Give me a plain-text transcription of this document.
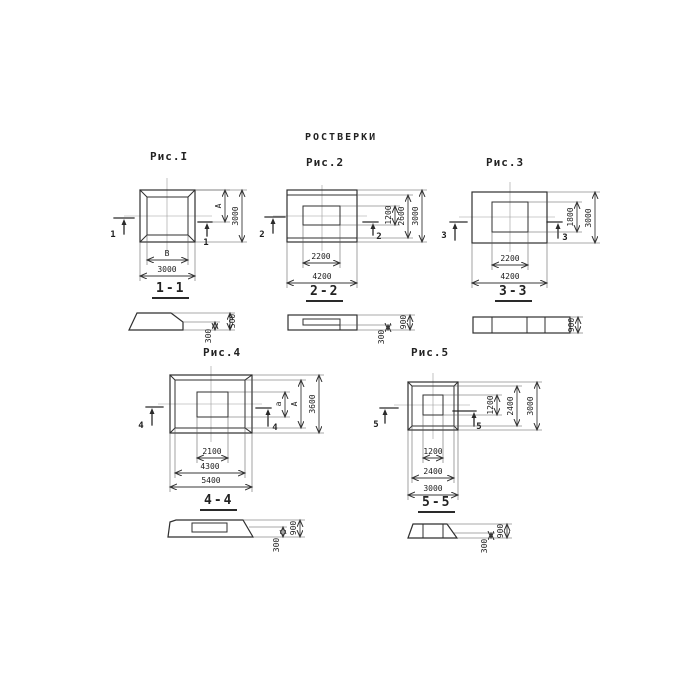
РОСТВЕРКИ
Рис.I	Рис.2	Рис.3
Рис.4	Рис.5
1-1	2-2	3-3
4-4	5-5
1
1
A
3000
В
3000
300
500
2	2
1200 2600 3000
2200
4200
300
900
3	3
1800 3000
2200
4200
900
4	4
а A 3600
2100
4300
5400
300
900
5	5
1200 2400 3000
1200
2400
3000
300
900
